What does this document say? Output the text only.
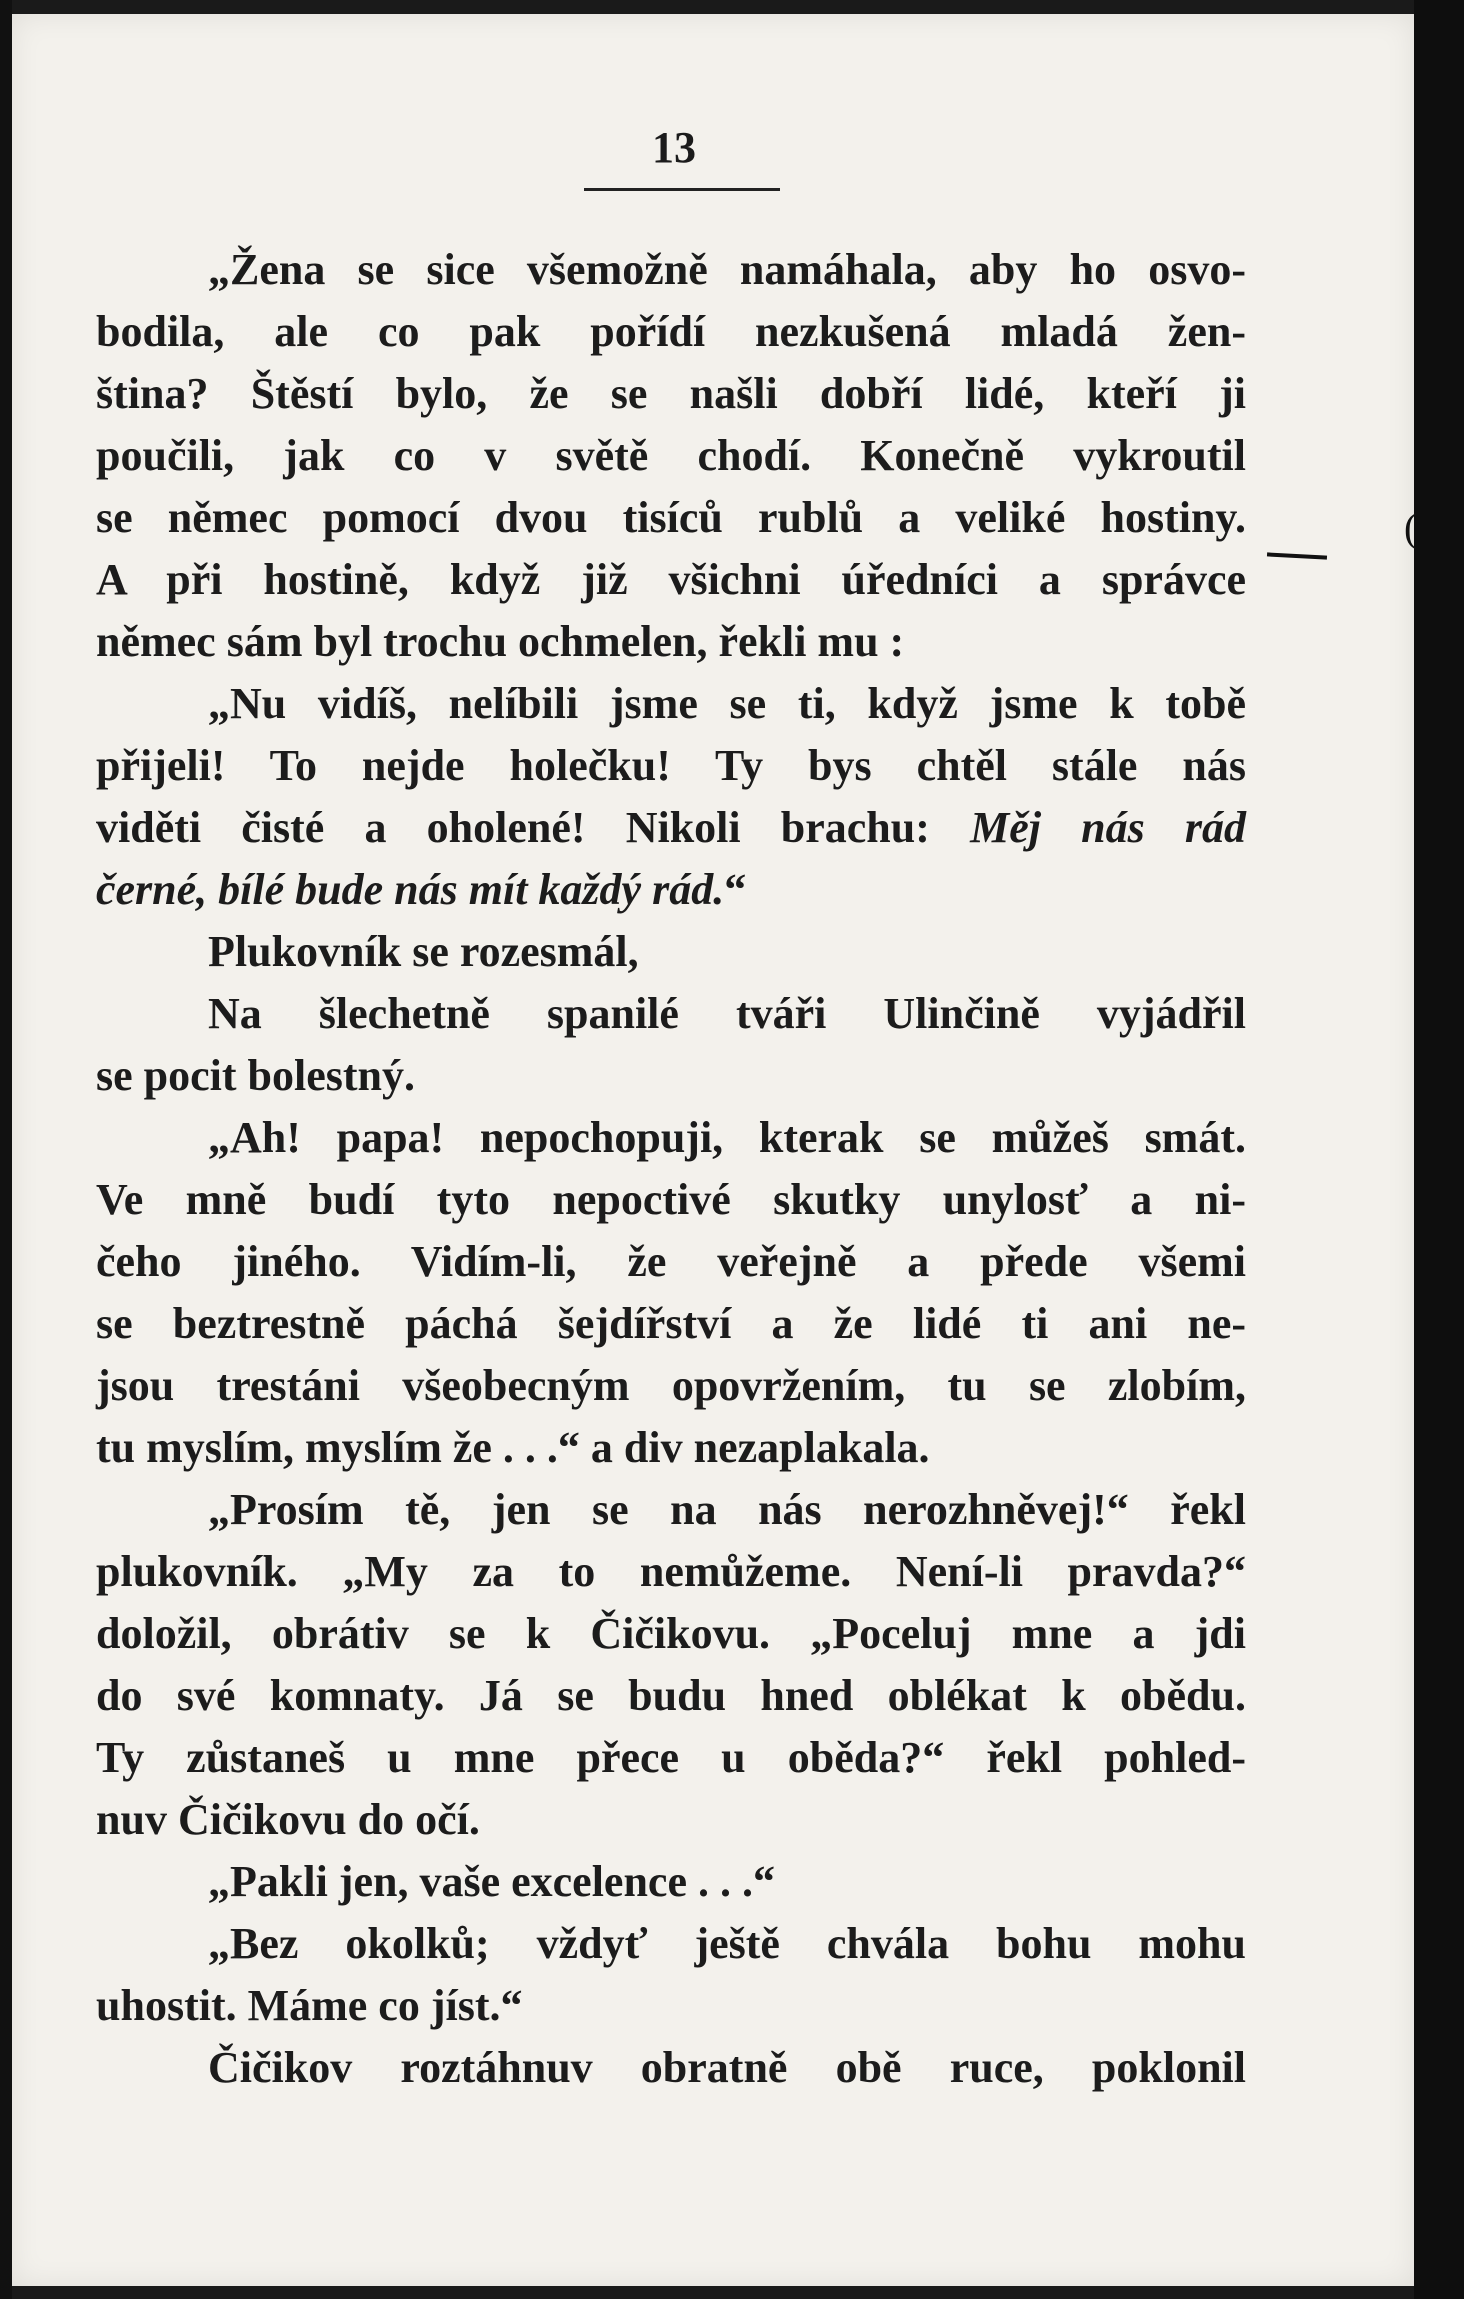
13
„Žena se sice všemožně namáhala, aby ho osvo-
bodila, ale co pak pořídí nezkušená mladá žen-
ština? Štěstí bylo, že se našli dobří lidé, kteří ji
poučili, jak co v světě chodí. Konečně vykroutil
se němec pomocí dvou tisíců rublů a veliké hostiny.
A při hostině, když již všichni úředníci a správce
němec sám byl trochu ochmelen, řekli mu :
„Nu vidíš, nelíbili jsme se ti, když jsme k tobě
přijeli! To nejde holečku! Ty bys chtěl stále nás
viděti čisté a oholené! Nikoli brachu: Měj nás rád
černé, bílé bude nás mít každý rád.“
Plukovník se rozesmál,
Na šlechetně spanilé tváři Ulinčině vyjádřil
se pocit bolestný.
„Ah! papa! nepochopuji, kterak se můžeš smát.
Ve mně budí tyto nepoctivé skutky unylosť a ni-
čeho jiného. Vidím-li, že veřejně a přede všemi
se beztrestně páchá šejdířství a že lidé ti ani ne-
jsou trestáni všeobecným opovržením, tu se zlobím,
tu myslím, myslím že . . .“ a div nezaplakala.
„Prosím tě, jen se na nás nerozhněvej!“ řekl
plukovník. „My za to nemůžeme. Není-li pravda?“
doložil, obrátiv se k Čičikovu. „Poceluj mne a jdi
do své komnaty. Já se budu hned oblékat k obědu.
Ty zůstaneš u mne přece u oběda?“ řekl pohled-
nuv Čičikovu do očí.
„Pakli jen, vaše excelence . . .“
„Bez okolků; vždyť ještě chvála bohu mohu
uhostit. Máme co jíst.“
Čičikov roztáhnuv obratně obě ruce, poklonil
(
